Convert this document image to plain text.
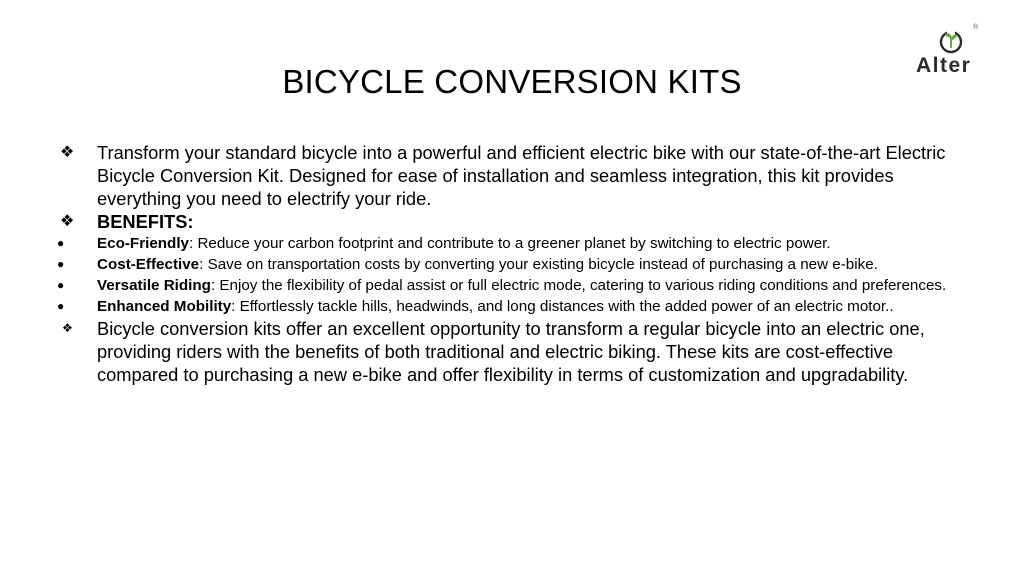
®
Alter
BICYCLE CONVERSION KITS
❖ Transform your standard bicycle into a powerful and efficient electric bike with our state-of-the-art Electric Bicycle Conversion Kit. Designed for ease of installation and seamless integration, this kit provides everything you need to electrify your ride.
❖ BENEFITS:
● Eco-Friendly: Reduce your carbon footprint and contribute to a greener planet by switching to electric power.
● Cost-Effective: Save on transportation costs by converting your existing bicycle instead of purchasing a new e-bike.
● Versatile Riding: Enjoy the flexibility of pedal assist or full electric mode, catering to various riding conditions and preferences.
● Enhanced Mobility: Effortlessly tackle hills, headwinds, and long distances with the added power of an electric motor..
❖ Bicycle conversion kits offer an excellent opportunity to transform a regular bicycle into an electric one, providing riders with the benefits of both traditional and electric biking. These kits are cost-effective compared to purchasing a new e-bike and offer flexibility in terms of customization and upgradability.
